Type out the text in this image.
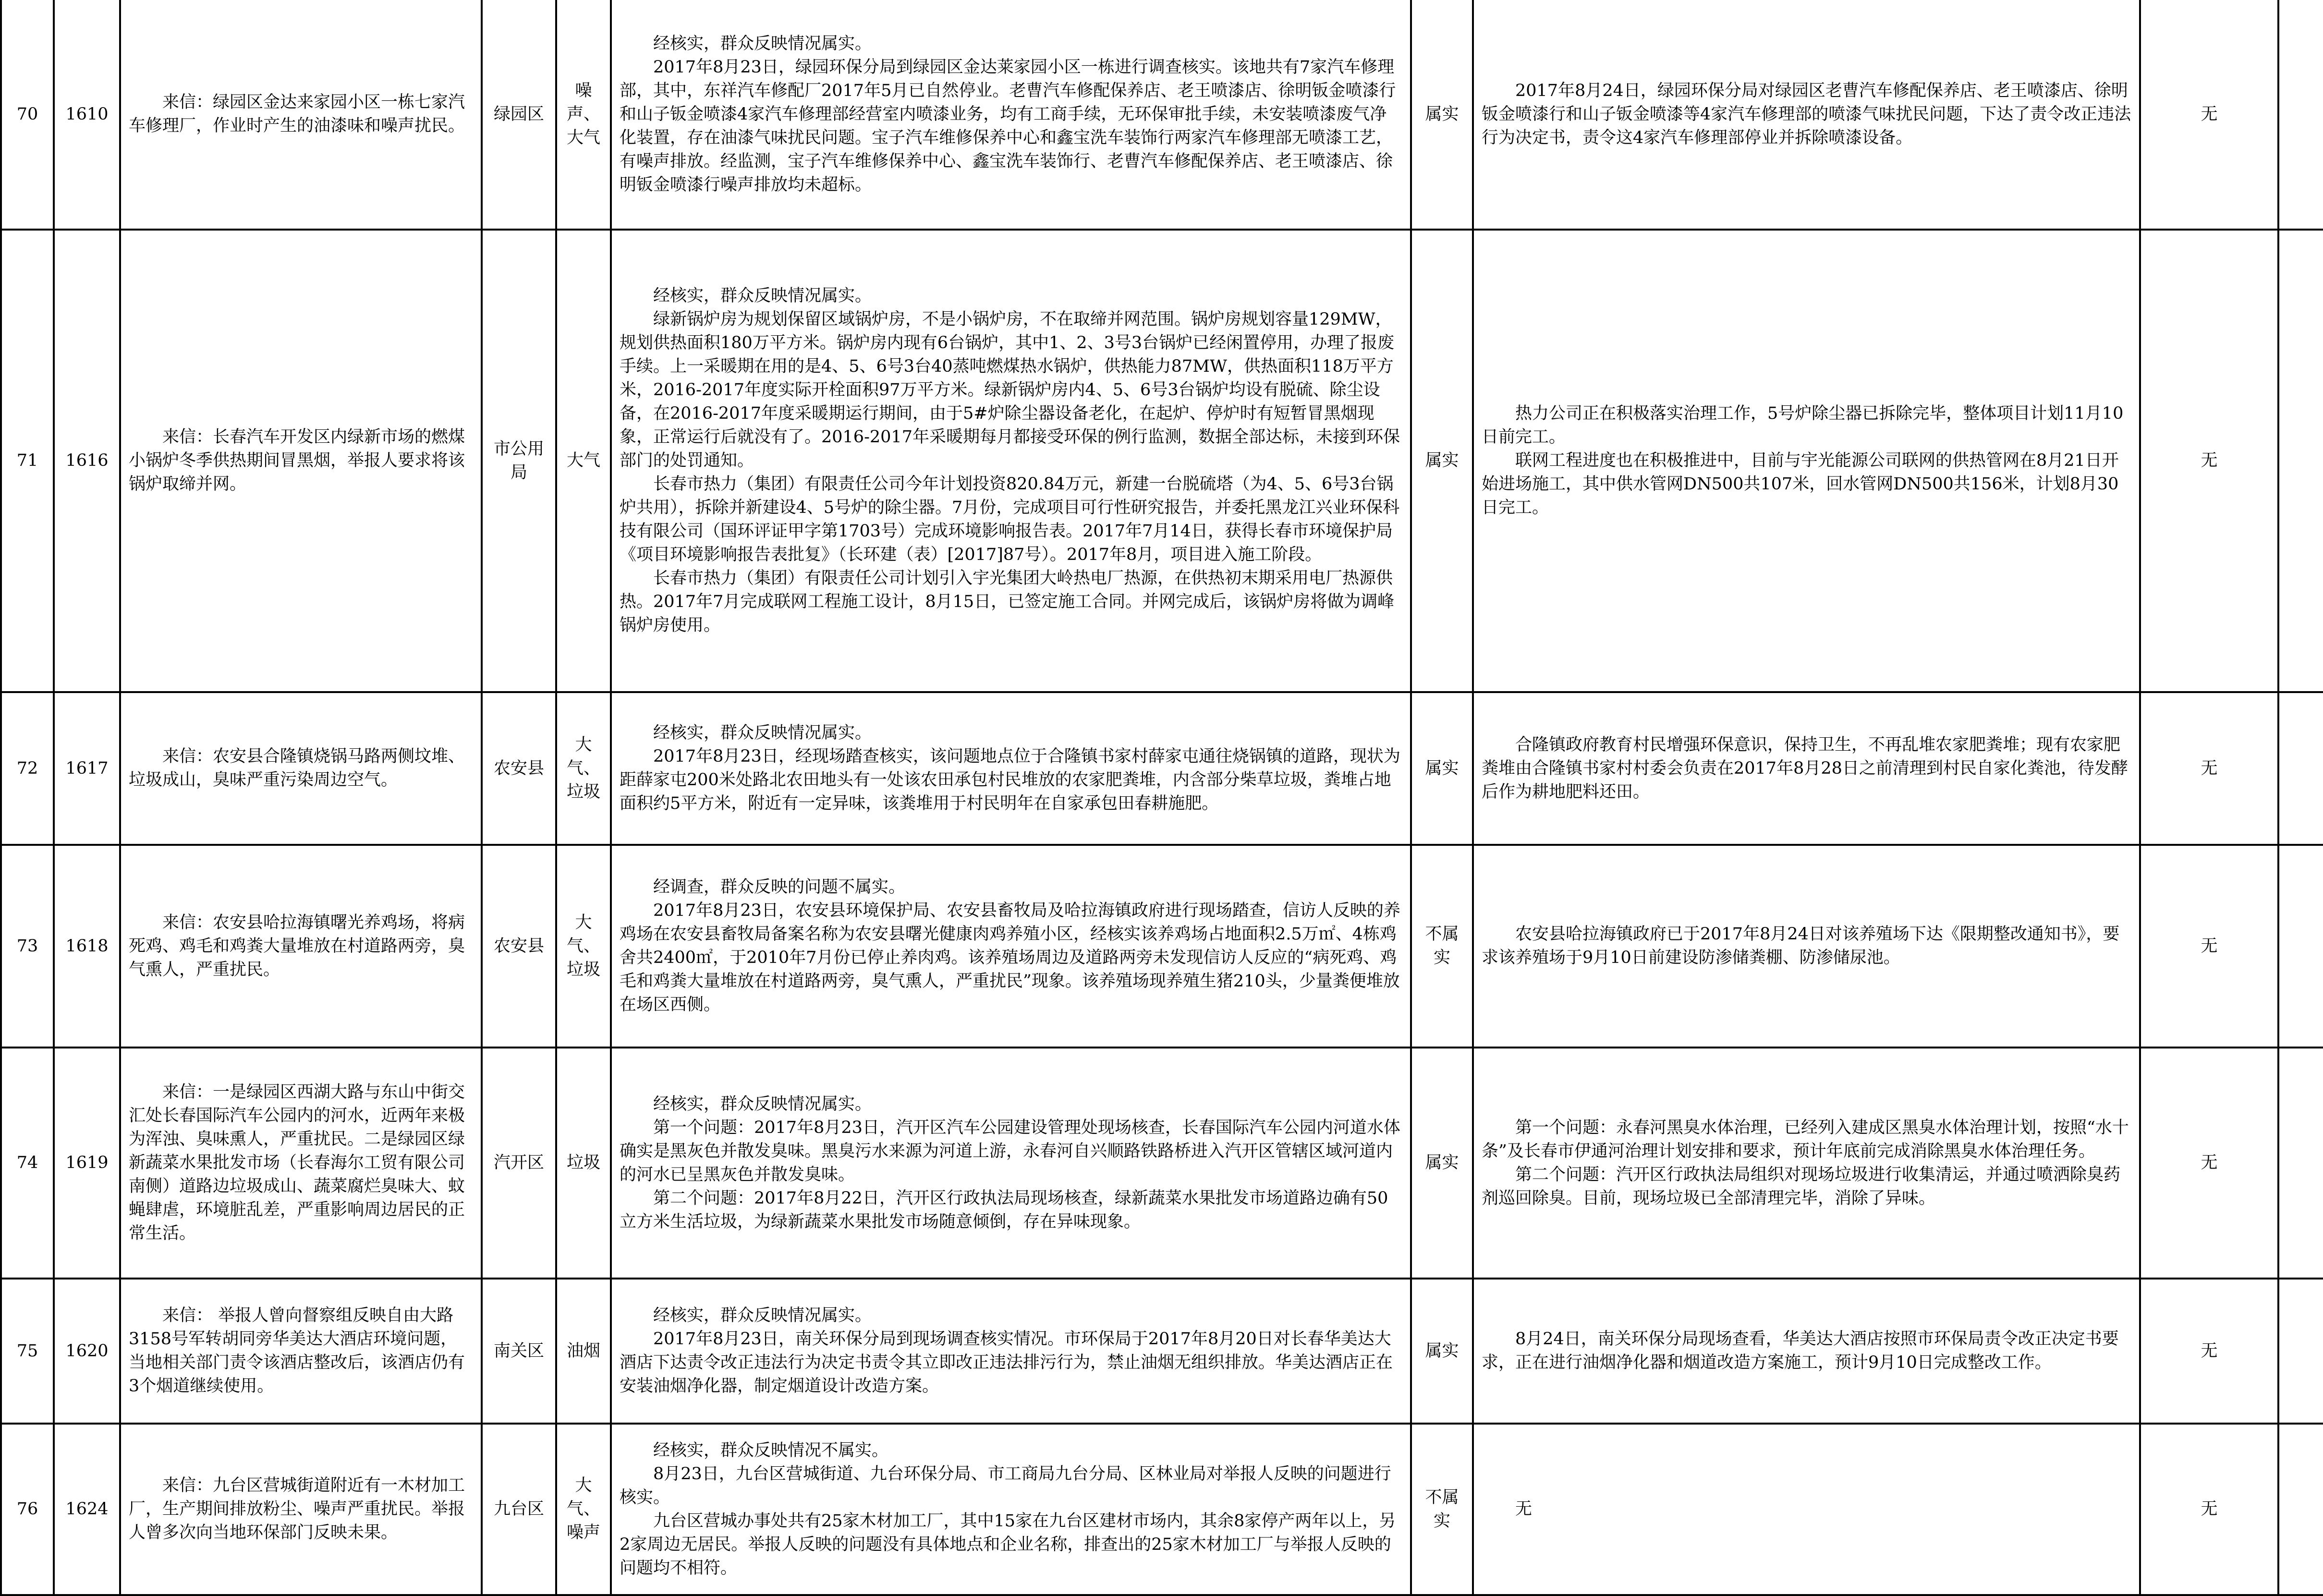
70	1610	来信：绿园区金达来家园小区一栋七家汽车修理厂，作业时产生的油漆味和噪声扰民。	绿园区	噪声、大气	经核实，群众反映情况属实。
2017年8月23日，绿园环保分局到绿园区金达莱家园小区一栋进行调查核实。该地共有7家汽车修理部，其中，东祥汽车修配厂2017年5月已自然停业。老曹汽车修配保养店、老王喷漆店、徐明钣金喷漆行和山子钣金喷漆4家汽车修理部经营室内喷漆业务，均有工商手续，无环保审批手续，未安装喷漆废气净化装置，存在油漆气味扰民问题。宝子汽车维修保养中心和鑫宝洗车装饰行两家汽车修理部无喷漆工艺，有噪声排放。经监测，宝子汽车维修保养中心、鑫宝洗车装饰行、老曹汽车修配保养店、老王喷漆店、徐明钣金喷漆行噪声排放均未超标。	属实	2017年8月24日，绿园环保分局对绿园区老曹汽车修配保养店、老王喷漆店、徐明钣金喷漆行和山子钣金喷漆等4家汽车修理部的喷漆气味扰民问题，下达了责令改正违法行为决定书，责令这4家汽车修理部停业并拆除喷漆设备。	无	

71	1616	来信：长春汽车开发区内绿新市场的燃煤小锅炉冬季供热期间冒黑烟，举报人要求将该锅炉取缔并网。	市公用局	大气	经核实，群众反映情况属实。
绿新锅炉房为规划保留区域锅炉房，不是小锅炉房，不在取缔并网范围。锅炉房规划容量129MW，规划供热面积180万平方米。锅炉房内现有6台锅炉，其中1、2、3号3台锅炉已经闲置停用，办理了报废手续。上一采暖期在用的是4、5、6号3台40蒸吨燃煤热水锅炉，供热能力87MW，供热面积118万平方米，2016-2017年度实际开栓面积97万平方米。绿新锅炉房内4、5、6号3台锅炉均设有脱硫、除尘设备，在2016-2017年度采暖期运行期间，由于5#炉除尘器设备老化，在起炉、停炉时有短暂冒黑烟现象，正常运行后就没有了。2016-2017年采暖期每月都接受环保的例行监测，数据全部达标，未接到环保部门的处罚通知。
长春市热力（集团）有限责任公司今年计划投资820.84万元，新建一台脱硫塔（为4、5、6号3台锅炉共用），拆除并新建设4、5号炉的除尘器。7月份，完成项目可行性研究报告，并委托黑龙江兴业环保科技有限公司（国环评证甲字第1703号）完成环境影响报告表。2017年7月14日，获得长春市环境保护局《项目环境影响报告表批复》（长环建（表）[2017]87号）。2017年8月，项目进入施工阶段。
长春市热力（集团）有限责任公司计划引入宇光集团大岭热电厂热源，在供热初末期采用电厂热源供热。2017年7月完成联网工程施工设计，8月15日，已签定施工合同。并网完成后，该锅炉房将做为调峰锅炉房使用。	属实	热力公司正在积极落实治理工作，5号炉除尘器已拆除完毕，整体项目计划11月10日前完工。
联网工程进度也在积极推进中，目前与宇光能源公司联网的供热管网在8月21日开始进场施工，其中供水管网DN500共107米，回水管网DN500共156米，计划8月30日完工。	无	

72	1617	来信：农安县合隆镇烧锅马路两侧坟堆、垃圾成山，臭味严重污染周边空气。	农安县	大气、垃圾	经核实，群众反映情况属实。
2017年8月23日，经现场踏查核实，该问题地点位于合隆镇书家村薛家屯通往烧锅镇的道路，现状为距薛家屯200米处路北农田地头有一处该农田承包村民堆放的农家肥粪堆，内含部分柴草垃圾，粪堆占地面积约5平方米，附近有一定异味，该粪堆用于村民明年在自家承包田春耕施肥。	属实	合隆镇政府教育村民增强环保意识，保持卫生，不再乱堆农家肥粪堆；现有农家肥粪堆由合隆镇书家村村委会负责在2017年8月28日之前清理到村民自家化粪池，待发酵后作为耕地肥料还田。	无	

73	1618	来信：农安县哈拉海镇曙光养鸡场，将病死鸡、鸡毛和鸡粪大量堆放在村道路两旁，臭气熏人，严重扰民。	农安县	大气、垃圾	经调查，群众反映的问题不属实。
2017年8月23日，农安县环境保护局、农安县畜牧局及哈拉海镇政府进行现场踏查，信访人反映的养鸡场在农安县畜牧局备案名称为农安县曙光健康肉鸡养殖小区，经核实该养鸡场占地面积2.5万㎡、4栋鸡舍共2400㎡，于2010年7月份已停止养肉鸡。该养殖场周边及道路两旁未发现信访人反应的“病死鸡、鸡毛和鸡粪大量堆放在村道路两旁，臭气熏人，严重扰民”现象。该养殖场现养殖生猪210头，少量粪便堆放在场区西侧。	不属实	农安县哈拉海镇政府已于2017年8月24日对该养殖场下达《限期整改通知书》，要求该养殖场于9月10日前建设防渗储粪棚、防渗储尿池。	无	

74	1619	来信：一是绿园区西湖大路与东山中街交汇处长春国际汽车公园内的河水，近两年来极为浑浊、臭味熏人，严重扰民。二是绿园区绿新蔬菜水果批发市场（长春海尔工贸有限公司南侧）道路边垃圾成山、蔬菜腐烂臭味大、蚊蝇肆虐，环境脏乱差，严重影响周边居民的正常生活。	汽开区	垃圾	经核实，群众反映情况属实。
第一个问题：2017年8月23日，汽开区汽车公园建设管理处现场核查，长春国际汽车公园内河道水体确实是黑灰色并散发臭味。黑臭污水来源为河道上游，永春河自兴顺路铁路桥进入汽开区管辖区域河道内的河水已呈黑灰色并散发臭味。
第二个问题：2017年8月22日，汽开区行政执法局现场核查，绿新蔬菜水果批发市场道路边确有50立方米生活垃圾，为绿新蔬菜水果批发市场随意倾倒，存在异味现象。	属实	第一个问题：永春河黑臭水体治理，已经列入建成区黑臭水体治理计划，按照“水十条”及长春市伊通河治理计划安排和要求，预计年底前完成消除黑臭水体治理任务。
第二个问题：汽开区行政执法局组织对现场垃圾进行收集清运，并通过喷洒除臭药剂巡回除臭。目前，现场垃圾已全部清理完毕，消除了异味。	无	

75	1620	来信： 举报人曾向督察组反映自由大路3158号军转胡同旁华美达大酒店环境问题，当地相关部门责令该酒店整改后，该酒店仍有3个烟道继续使用。	南关区	油烟	经核实，群众反映情况属实。
2017年8月23日，南关环保分局到现场调查核实情况。市环保局于2017年8月20日对长春华美达大酒店下达责令改正违法行为决定书责令其立即改正违法排污行为，禁止油烟无组织排放。华美达酒店正在安装油烟净化器，制定烟道设计改造方案。	属实	8月24日，南关环保分局现场查看，华美达大酒店按照市环保局责令改正决定书要求，正在进行油烟净化器和烟道改造方案施工，预计9月10日完成整改工作。	无	

76	1624	来信：九台区营城街道附近有一木材加工厂，生产期间排放粉尘、噪声严重扰民。举报人曾多次向当地环保部门反映未果。	九台区	大气、噪声	经核实，群众反映情况不属实。
8月23日，九台区营城街道、九台环保分局、市工商局九台分局、区林业局对举报人反映的问题进行核实。
九台区营城办事处共有25家木材加工厂，其中15家在九台区建材市场内，其余8家停产两年以上，另2家周边无居民。举报人反映的问题没有具体地点和企业名称，排查出的25家木材加工厂与举报人反映的问题均不相符。	不属实	无	无	
